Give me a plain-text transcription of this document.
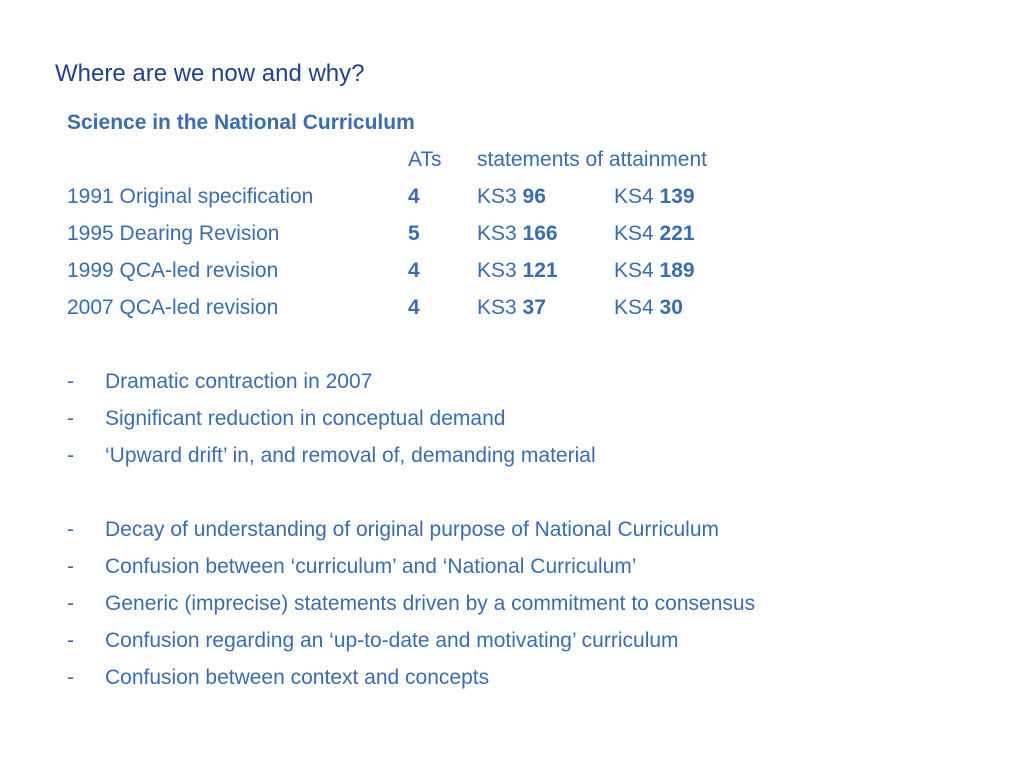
Where are we now and why?
Science in the National Curriculum
ATs statements of attainment
1991 Original specification	4	KS3 96	KS4 139
1995 Dearing Revision	5	KS3 166	KS4 221
1999 QCA-led revision	4	KS3 121	KS4 189
2007 QCA-led revision	4	KS3 37	KS4 30
- Dramatic contraction in 2007
- Significant reduction in conceptual demand
- ‘Upward drift’ in, and removal of, demanding material
- Decay of understanding of original purpose of National Curriculum
- Confusion between ‘curriculum’ and ‘National Curriculum’
- Generic (imprecise) statements driven by a commitment to consensus
- Confusion regarding an ‘up-to-date and motivating’ curriculum
- Confusion between context and concepts
